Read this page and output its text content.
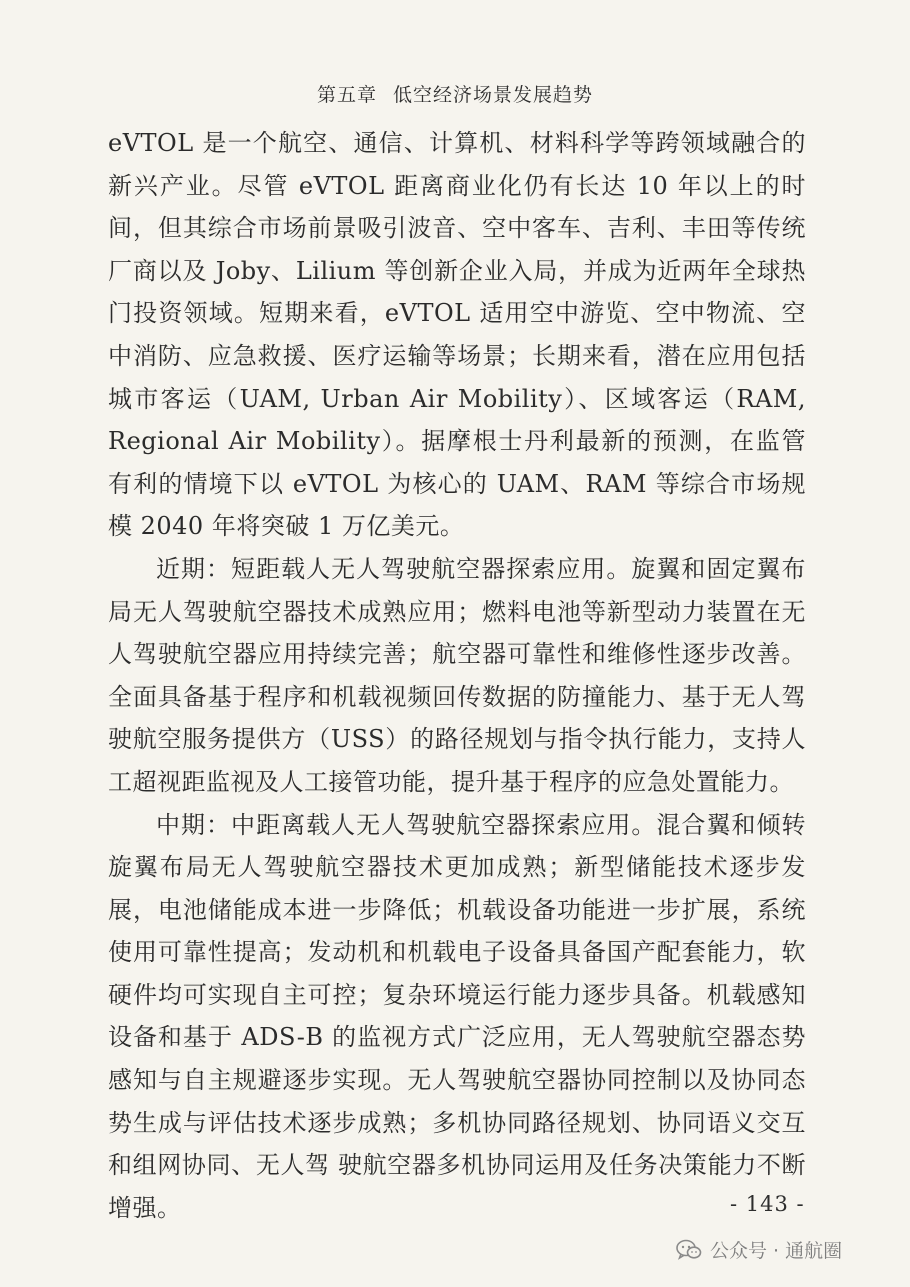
第五章 低空经济场景发展趋势

eVTOL 是一个航空、通信、计算机、材料科学等跨领域融合的新兴产业。尽管 eVTOL 距离商业化仍有长达 10 年以上的时间，但其综合市场前景吸引波音、空中客车、吉利、丰田等传统厂商以及 Joby、Lilium 等创新企业入局，并成为近两年全球热门投资领域。短期来看，eVTOL 适用空中游览、空中物流、空中消防、应急救援、医疗运输等场景；长期来看，潜在应用包括城市客运（UAM, Urban Air Mobility）、区域客运（RAM, Regional Air Mobility）。据摩根士丹利最新的预测，在监管有利的情境下以 eVTOL 为核心的 UAM、RAM 等综合市场规模 2040 年将突破 1 万亿美元。

近期：短距载人无人驾驶航空器探索应用。旋翼和固定翼布局无人驾驶航空器技术成熟应用；燃料电池等新型动力装置在无人驾驶航空器应用持续完善；航空器可靠性和维修性逐步改善。全面具备基于程序和机载视频回传数据的防撞能力、基于无人驾驶航空服务提供方（USS）的路径规划与指令执行能力，支持人工超视距监视及人工接管功能，提升基于程序的应急处置能力。

中期：中距离载人无人驾驶航空器探索应用。混合翼和倾转旋翼布局无人驾驶航空器技术更加成熟；新型储能技术逐步发展，电池储能成本进一步降低；机载设备功能进一步扩展，系统使用可靠性提高；发动机和机载电子设备具备国产配套能力，软硬件均可实现自主可控；复杂环境运行能力逐步具备。机载感知设备和基于 ADS-B 的监视方式广泛应用，无人驾驶航空器态势感知与自主规避逐步实现。无人驾驶航空器协同控制以及协同态势生成与评估技术逐步成熟；多机协同路径规划、协同语义交互和组网协同、无人驾 驶航空器多机协同运用及任务决策能力不断增强。	- 143 -
公众号 · 通航圈
